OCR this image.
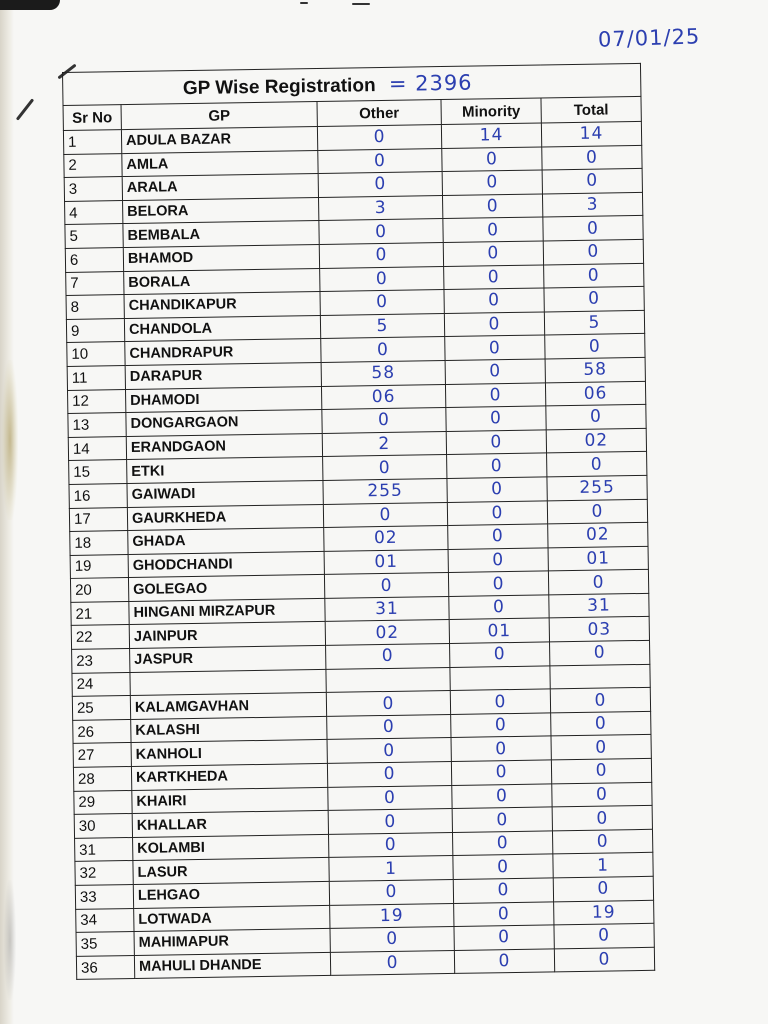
07/01/25
GP Wise Registration = 2396				
Sr No	GP	Other	Minority	Total
1	ADULA BAZAR	0	14	14
2	AMLA	0	0	0
3	ARALA	0	0	0
4	BELORA	3	0	3
5	BEMBALA	0	0	0
6	BHAMOD	0	0	0
7	BORALA	0	0	0
8	CHANDIKAPUR	0	0	0
9	CHANDOLA	5	0	5
10	CHANDRAPUR	0	0	0
11	DARAPUR	58	0	58
12	DHAMODI	06	0	06
13	DONGARGAON	0	0	0
14	ERANDGAON	2	0	02
15	ETKI	0	0	0
16	GAIWADI	255	0	255
17	GAURKHEDA	0	0	0
18	GHADA	02	0	02
19	GHODCHANDI	01	0	01
20	GOLEGAO	0	0	0
21	HINGANI MIRZAPUR	31	0	31
22	JAINPUR	02	01	03
23	JASPUR	0	0	0
24				
25	KALAMGAVHAN	0	0	0
26	KALASHI	0	0	0
27	KANHOLI	0	0	0
28	KARTKHEDA	0	0	0
29	KHAIRI	0	0	0
30	KHALLAR	0	0	0
31	KOLAMBI	0	0	0
32	LASUR	1	0	1
33	LEHGAO	0	0	0
34	LOTWADA	19	0	19
35	MAHIMAPUR	0	0	0
36	MAHULI DHANDE	0	0	0
